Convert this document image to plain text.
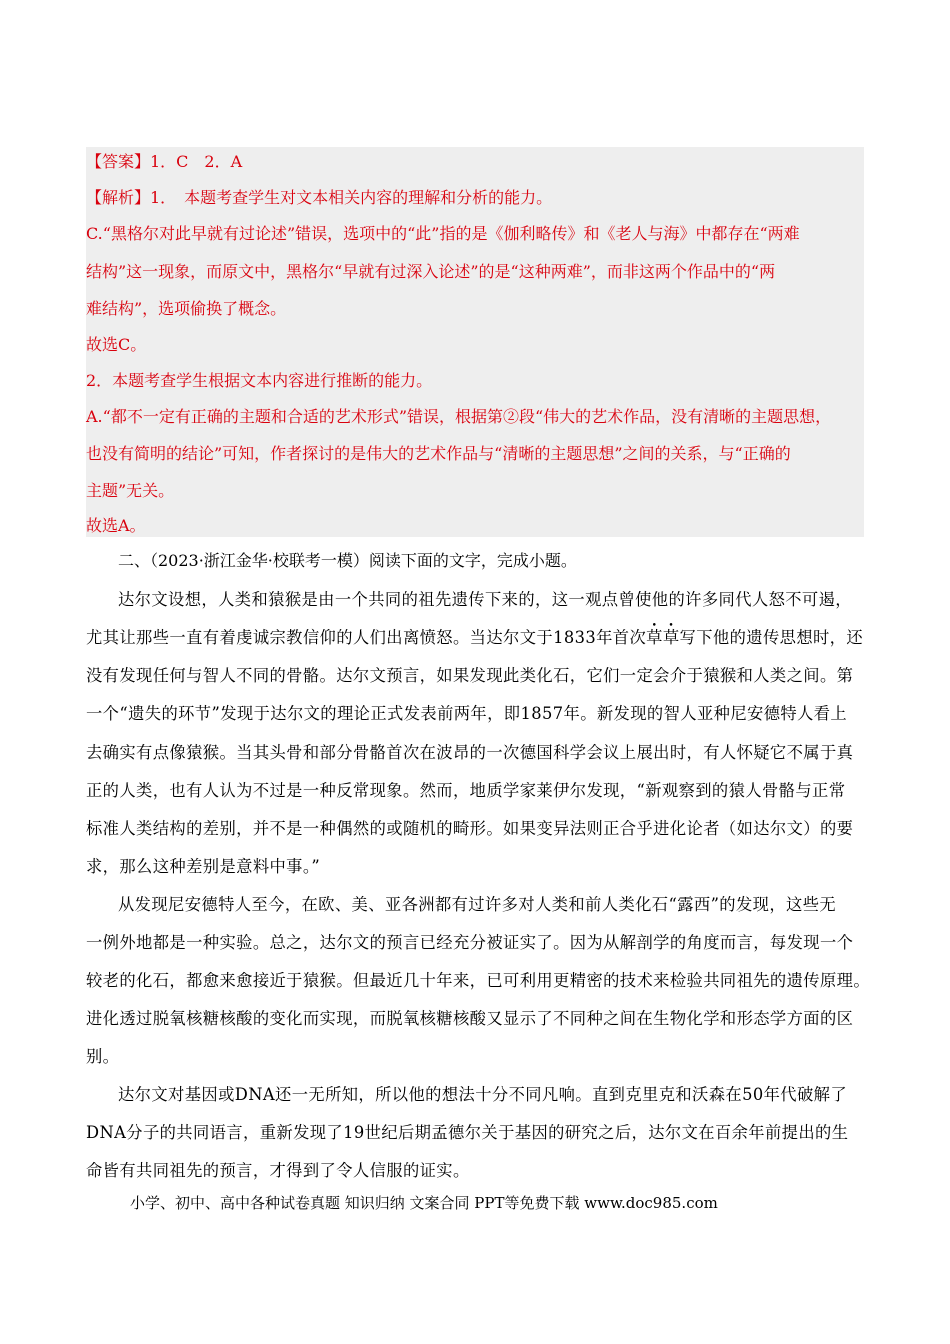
【答案】1．C　2．A
【解析】1．　本题考查学生对文本相关内容的理解和分析的能力。
C.“黑格尔对此早就有过论述”错误，选项中的“此”指的是《伽利略传》和《老人与海》中都存在“两难
结构”这一现象，而原文中，黑格尔“早就有过深入论述”的是“这种两难”，而非这两个作品中的“两
难结构”，选项偷换了概念。
故选C。
2．本题考查学生根据文本内容进行推断的能力。
A.“都不一定有正确的主题和合适的艺术形式”错误，根据第②段“伟大的艺术作品，没有清晰的主题思想，
也没有简明的结论”可知，作者探讨的是伟大的艺术作品与“清晰的主题思想”之间的关系，与“正确的
主题”无关。
故选A。
二、（2023·浙江金华·校联考一模）阅读下面的文字，完成小题。
达尔文设想，人类和猿猴是由一个共同的祖先遗传下来的，这一观点曾使他的许多同代人怒不可遏，
尤其让那些一直有着虔诚宗教信仰的人们出离愤怒。当达尔文于1833年首次草草写下他的遗传思想时，还
没有发现任何与智人不同的骨骼。达尔文预言，如果发现此类化石，它们一定会介于猿猴和人类之间。第
一个“遗失的环节”发现于达尔文的理论正式发表前两年，即1857年。新发现的智人亚种尼安德特人看上
去确实有点像猿猴。当其头骨和部分骨骼首次在波昂的一次德国科学会议上展出时，有人怀疑它不属于真
正的人类，也有人认为不过是一种反常现象。然而，地质学家莱伊尔发现，“新观察到的猿人骨骼与正常
标准人类结构的差别，并不是一种偶然的或随机的畸形。如果变异法则正合乎进化论者（如达尔文）的要
求，那么这种差别是意料中事。”
从发现尼安德特人至今，在欧、美、亚各洲都有过许多对人类和前人类化石“露西”的发现，这些无
一例外地都是一种实验。总之，达尔文的预言已经充分被证实了。因为从解剖学的角度而言，每发现一个
较老的化石，都愈来愈接近于猿猴。但最近几十年来，已可利用更精密的技术来检验共同祖先的遗传原理。
进化透过脱氧核糖核酸的变化而实现，而脱氧核糖核酸又显示了不同种之间在生物化学和形态学方面的区
别。
达尔文对基因或DNA还一无所知，所以他的想法十分不同凡响。直到克里克和沃森在50年代破解了
DNA分子的共同语言，重新发现了19世纪后期孟德尔关于基因的研究之后，达尔文在百余年前提出的生
命皆有共同祖先的预言，才得到了令人信服的证实。
小学、初中、高中各种试卷真题 知识归纳 文案合同 PPT等免费下载 www.doc985.com
